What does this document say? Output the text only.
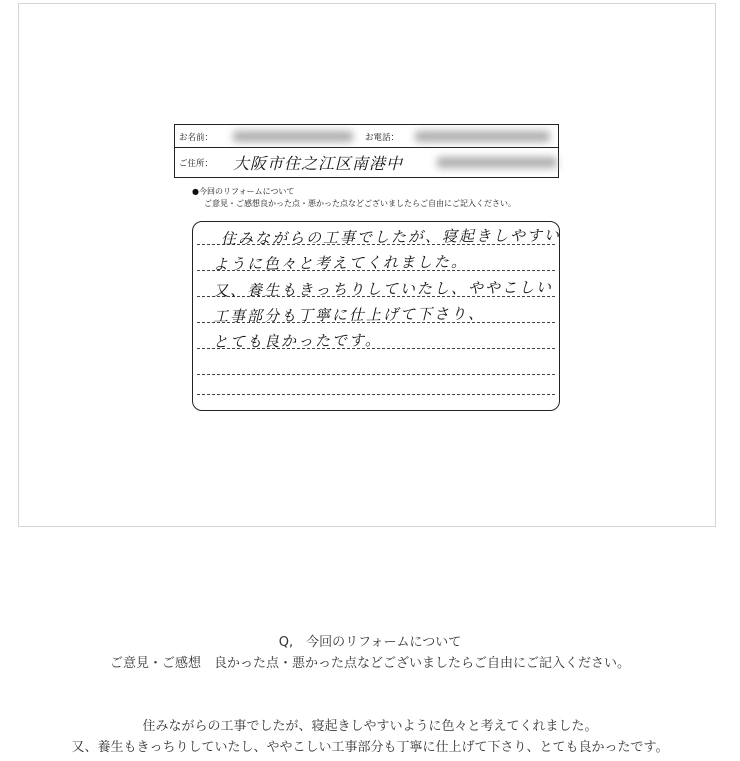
お名前：	お電話：
ご住所： 大阪市住之江区南港中
●今回のリフォームについて
ご意見・ご感想良かった点・悪かった点などございましたらご自由にご記入ください。
住みながらの工事でしたが、寝起きしやすい
ように色々と考えてくれました。
又、養生もきっちりしていたし、ややこしい
工事部分も丁寧に仕上げて下さり、
とても良かったです。
Q,　今回のリフォームについて
ご意見・ご感想　良かった点・悪かった点などございましたらご自由にご記入ください。
住みながらの工事でしたが、寝起きしやすいように色々と考えてくれました。
又、養生もきっちりしていたし、ややこしい工事部分も丁寧に仕上げて下さり、とても良かったです。
